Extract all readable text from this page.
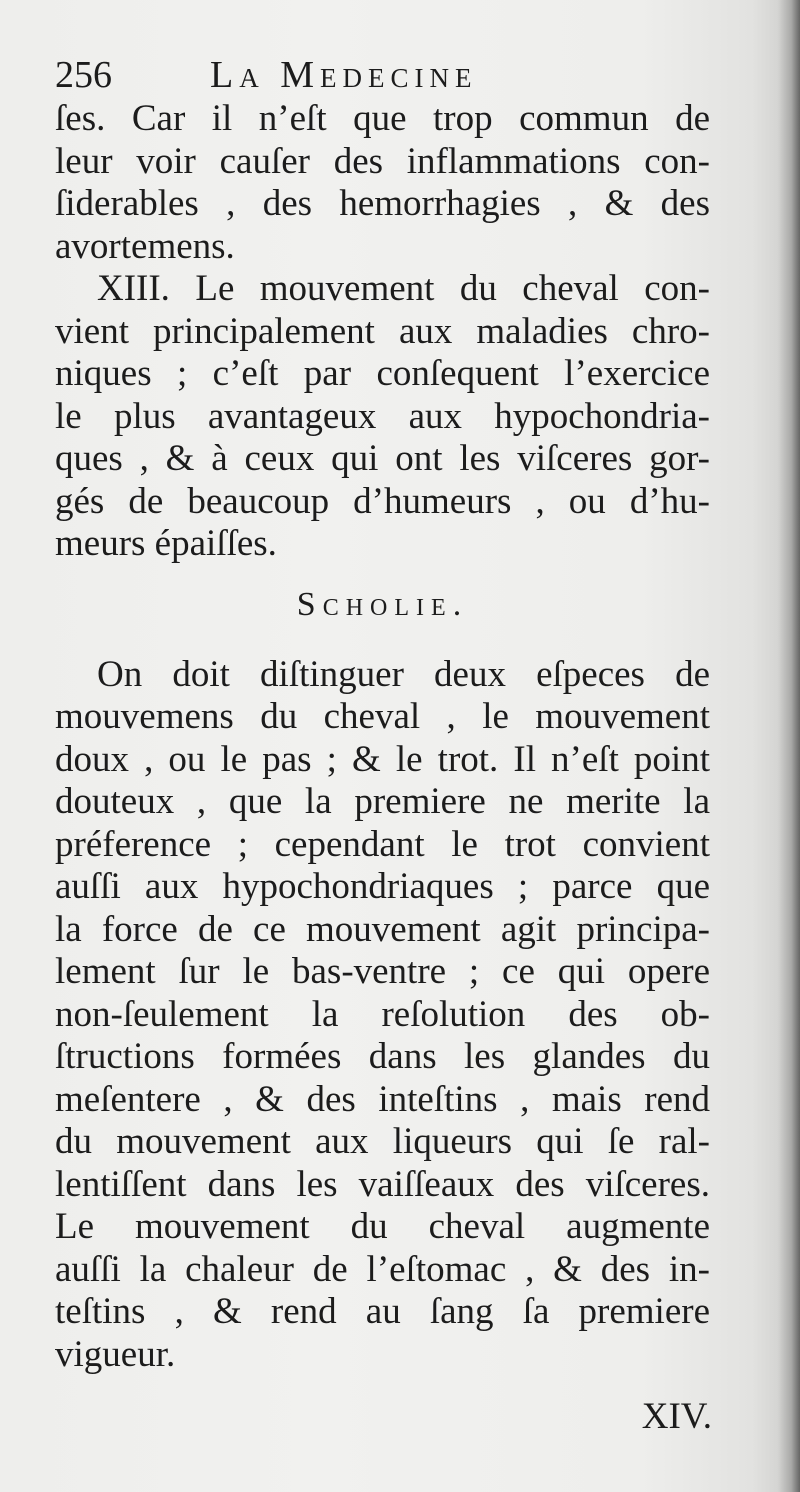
256	La Medecine
ſes. Car il n’eſt que trop commun de
leur voir cauſer des inflammations con-
ſiderables , des hemorrhagies , & des
avortemens.
XIII. Le mouvement du cheval con-
vient principalement aux maladies chro-
niques ; c’eſt par conſequent l’exercice
le plus avantageux aux hypochondria-
ques , & à ceux qui ont les viſceres gor-
gés de beaucoup d’humeurs , ou d’hu-
meurs épaiſſes.
Scholie.
On doit diſtinguer deux eſpeces de
mouvemens du cheval , le mouvement
doux , ou le pas ; & le trot. Il n’eſt point
douteux , que la premiere ne merite la
préference ; cependant le trot convient
auſſi aux hypochondriaques ; parce que
la force de ce mouvement agit principa-
lement ſur le bas-ventre ; ce qui opere
non-ſeulement la reſolution des ob-
ſtructions formées dans les glandes du
meſentere , & des inteſtins , mais rend
du mouvement aux liqueurs qui ſe ral-
lentiſſent dans les vaiſſeaux des viſceres.
Le mouvement du cheval augmente
auſſi la chaleur de l’eſtomac , & des in-
teſtins , & rend au ſang ſa premiere
vigueur.
XIV.
